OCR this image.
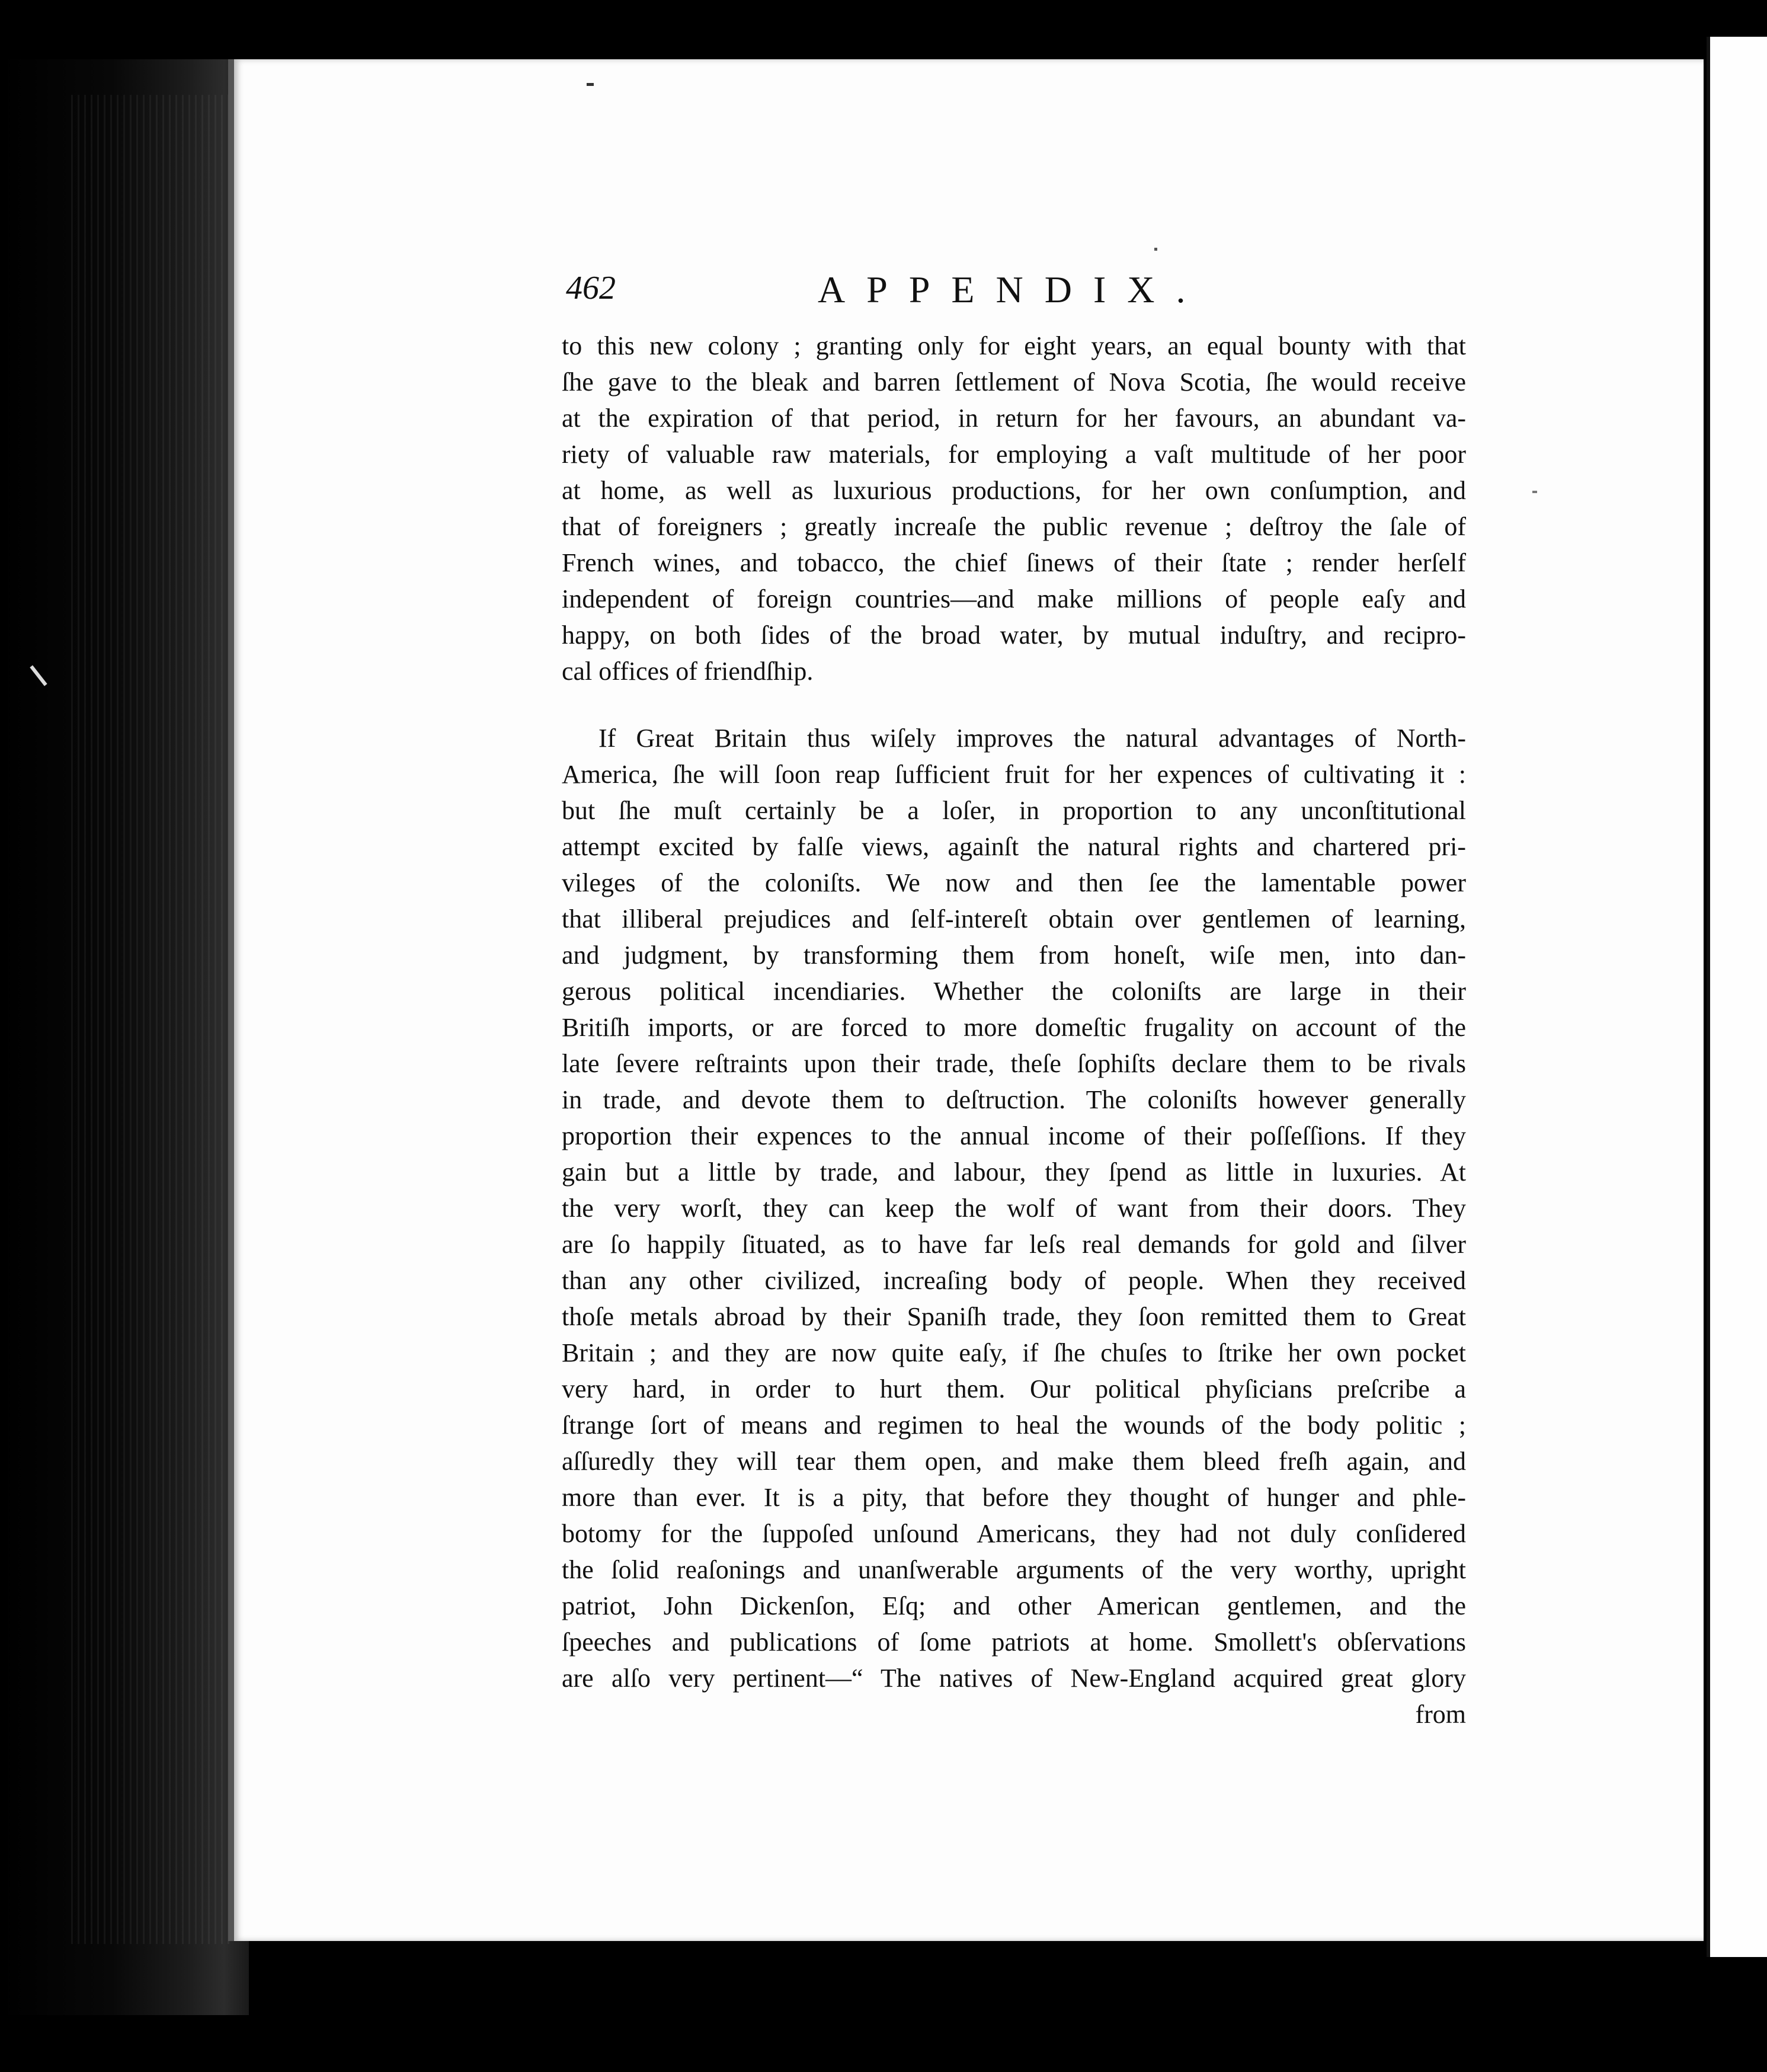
462	APPENDIX.
to this new colony ; granting only for eight years, an equal bounty with that
ſhe gave to the bleak and barren ſettlement of Nova Scotia, ſhe would receive
at the expiration of that period, in return for her favours, an abundant va-
riety of valuable raw materials, for employing a vaſt multitude of her poor
at home, as well as luxurious productions, for her own conſumption, and
that of foreigners ; greatly increaſe the public revenue ; deſtroy the ſale of
French wines, and tobacco, the chief ſinews of their ſtate ; render herſelf
independent of foreign countries—and make millions of people eaſy and
happy, on both ſides of the broad water, by mutual induſtry, and recipro-
cal offices of friendſhip.
If Great Britain thus wiſely improves the natural advantages of North-
America, ſhe will ſoon reap ſufficient fruit for her expences of cultivating it :
but ſhe muſt certainly be a loſer, in proportion to any unconſtitutional
attempt excited by falſe views, againſt the natural rights and chartered pri-
vileges of the coloniſts. We now and then ſee the lamentable power
that illiberal prejudices and ſelf-intereſt obtain over gentlemen of learning,
and judgment, by transforming them from honeſt, wiſe men, into dan-
gerous political incendiaries. Whether the coloniſts are large in their
Britiſh imports, or are forced to more domeſtic frugality on account of the
late ſevere reſtraints upon their trade, theſe ſophiſts declare them to be rivals
in trade, and devote them to deſtruction. The coloniſts however generally
proportion their expences to the annual income of their poſſeſſions. If they
gain but a little by trade, and labour, they ſpend as little in luxuries. At
the very worſt, they can keep the wolf of want from their doors. They
are ſo happily ſituated, as to have far leſs real demands for gold and ſilver
than any other civilized, increaſing body of people. When they received
thoſe metals abroad by their Spaniſh trade, they ſoon remitted them to Great
Britain ; and they are now quite eaſy, if ſhe chuſes to ſtrike her own pocket
very hard, in order to hurt them. Our political phyſicians preſcribe a
ſtrange ſort of means and regimen to heal the wounds of the body politic ;
aſſuredly they will tear them open, and make them bleed freſh again, and
more than ever. It is a pity, that before they thought of hunger and phle-
botomy for the ſuppoſed unſound Americans, they had not duly conſidered
the ſolid reaſonings and unanſwerable arguments of the very worthy, upright
patriot, John Dickenſon, Eſq; and other American gentlemen, and the
ſpeeches and publications of ſome patriots at home. Smollett's obſervations
are alſo very pertinent—“ The natives of New-England acquired great glory
from
